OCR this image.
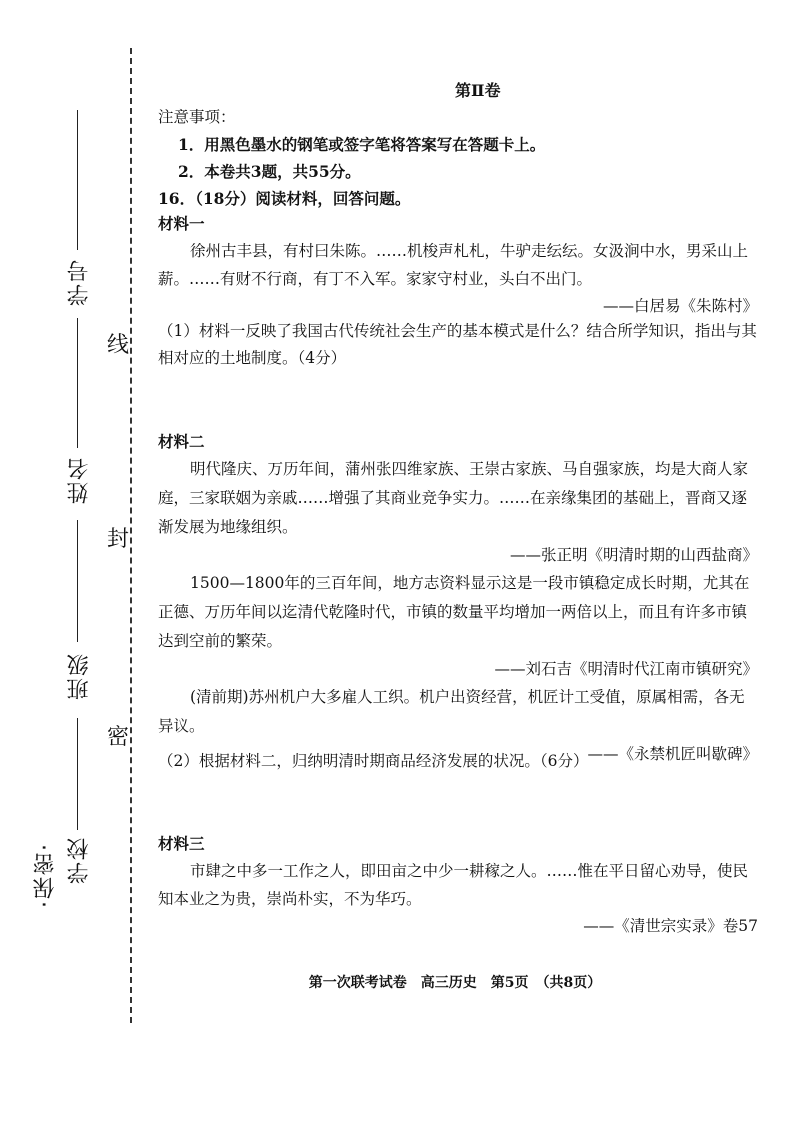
·保密· 学校
班级
姓名
学号
密
封
线
第Ⅱ卷

注意事项：

1．用黑色墨水的钢笔或签字笔将答案写在答题卡上。

2．本卷共3题，共55分。

16．（18分）阅读材料，回答问题。

材料一

徐州古丰县，有村曰朱陈。……机梭声札札，牛驴走纭纭。女汲涧中水，男采山上薪。……有财不行商，有丁不入军。家家守村业，头白不出门。

——白居易《朱陈村》

（1）材料一反映了我国古代传统社会生产的基本模式是什么？结合所学知识，指出与其相对应的土地制度。（4分）

材料二

明代隆庆、万历年间，蒲州张四维家族、王崇古家族、马自强家族，均是大商人家庭，三家联姻为亲戚……增强了其商业竞争实力。……在亲缘集团的基础上，晋商又逐渐发展为地缘组织。

——张正明《明清时期的山西盐商》

1500—1800年的三百年间，地方志资料显示这是一段市镇稳定成长时期，尤其在正德、万历年间以迄清代乾隆时代，市镇的数量平均增加一两倍以上，而且有许多市镇达到空前的繁荣。

——刘石吉《明清时代江南市镇研究》

(清前期)苏州机户大多雇人工织。机户出资经营，机匠计工受值，原属相需，各无异议。

——《永禁机匠叫歇碑》

（2）根据材料二，归纳明清时期商品经济发展的状况。（6分）

材料三

市肆之中多一工作之人，即田亩之中少一耕稼之人。……惟在平日留心劝导，使民知本业之为贵，崇尚朴实，不为华巧。

——《清世宗实录》卷57

第一次联考试卷　高三历史　第5页　（共8页）
